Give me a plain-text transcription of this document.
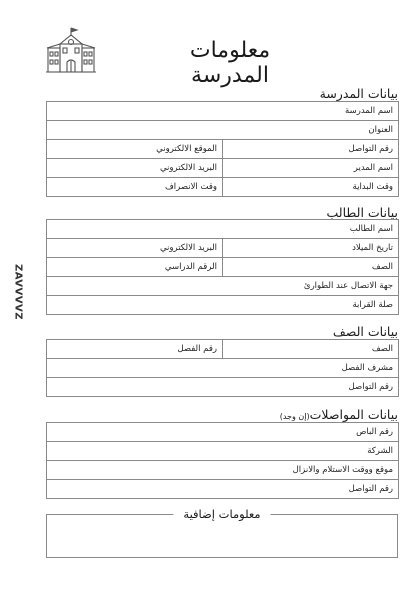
معلومات المدرسة
ZAVVVVZ
بيانات المدرسة
اسم المدرسة	
العنوان	
رقم التواصل	الموقع الالكتروني
اسم المدير	البريد الالكتروني
وقت البداية	وقت الانصراف
بيانات الطالب
اسم الطالب	
تاريخ الميلاد	البريد الالكتروني
الصف	الرقم الدراسي
جهة الاتصال عند الطوارئ	
صلة القرابة	
بيانات الصف
الصف	رقم الفصل
مشرف الفصل
رقم التواصل
بيانات المواصلات(إن وجد)
رقم الباص
الشركة
موقع ووقت الاستلام والانزال
رقم التواصل
معلومات إضافية
